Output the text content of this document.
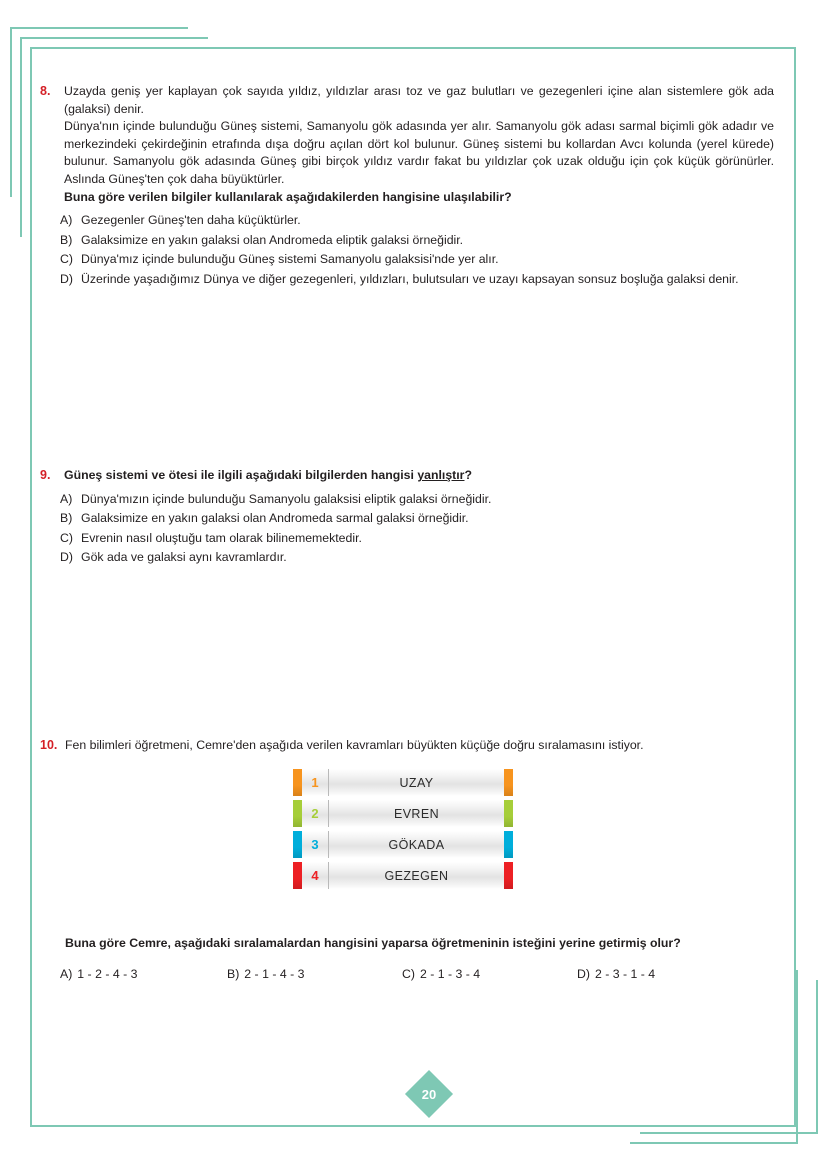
8.	Uzayda geniş yer kaplayan çok sayıda yıldız, yıldızlar arası toz ve gaz bulutları ve gezegenleri içine alan sistemlere gök ada (galaksi) denir.

Dünya'nın içinde bulunduğu Güneş sistemi, Samanyolu gök adasında yer alır. Samanyolu gök adası sarmal biçimli gök adadır ve merkezindeki çekirdeğinin etrafında dışa doğru açılan dört kol bulunur. Güneş sistemi bu kollardan Avcı kolunda (yerel kürede) bulunur. Samanyolu gök adasında Güneş gibi birçok yıldız vardır fakat bu yıldızlar çok uzak olduğu için çok küçük görünürler. Aslında Güneş'ten çok daha büyüktürler.

Buna göre verilen bilgiler kullanılarak aşağıdakilerden hangisine ulaşılabilir?

A) Gezegenler Güneş'ten daha küçüktürler.
B) Galaksimize en yakın galaksi olan Andromeda eliptik galaksi örneğidir.
C) Dünya'mız içinde bulunduğu Güneş sistemi Samanyolu galaksisi'nde yer alır.
D) Üzerinde yaşadığımız Dünya ve diğer gezegenleri, yıldızları, bulutsuları ve uzayı kapsayan sonsuz boşluğa galaksi denir.
9.	Güneş sistemi ve ötesi ile ilgili aşağıdaki bilgilerden hangisi yanlıştır?

A) Dünya'mızın içinde bulunduğu Samanyolu galaksisi eliptik galaksi örneğidir.
B) Galaksimize en yakın galaksi olan Andromeda sarmal galaksi örneğidir.
C) Evrenin nasıl oluştuğu tam olarak bilinememektedir.
D) Gök ada ve galaksi aynı kavramlardır.
10. Fen bilimleri öğretmeni, Cemre'den aşağıda verilen kavramları büyükten küçüğe doğru sıralamasını istiyor.

1	UZAY
2	EVREN
3	GÖKADA
4	GEZEGEN

Buna göre Cemre, aşağıdaki sıralamalardan hangisini yaparsa öğretmeninin isteğini yerine getirmiş olur?

A) 1 - 2 - 4 - 3	B) 2 - 1 - 4 - 3	C) 2 - 1 - 3 - 4	D) 2 - 3 - 1 - 4
20
